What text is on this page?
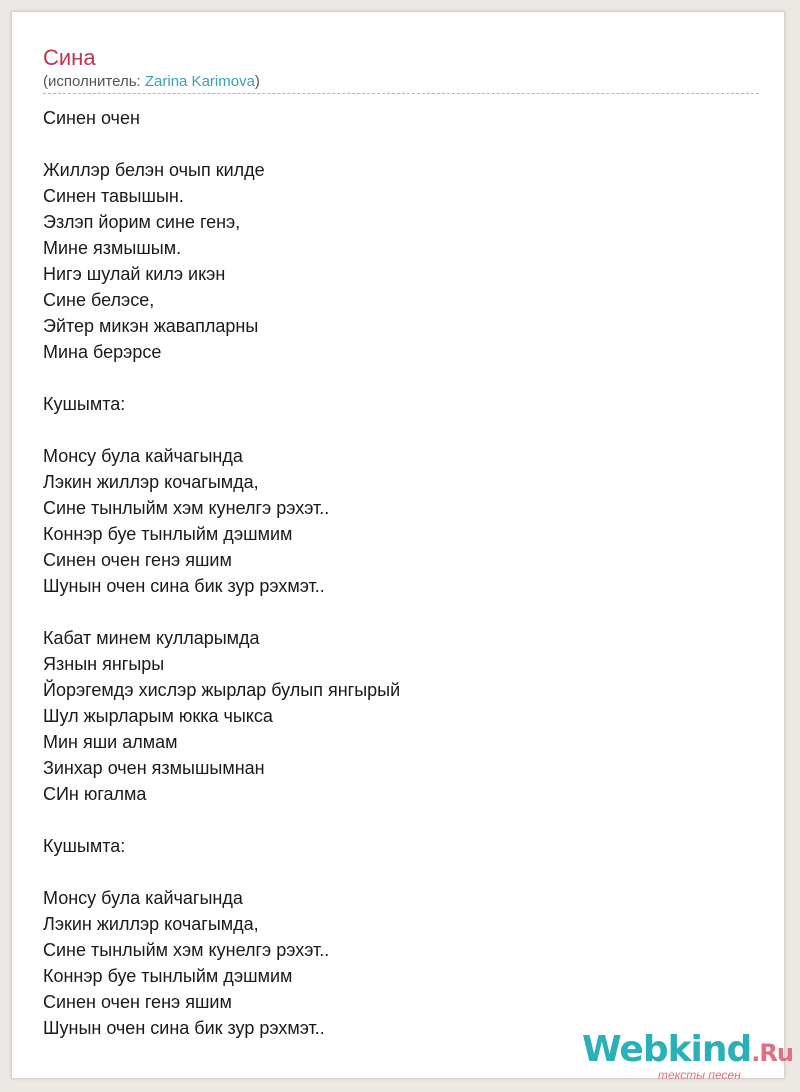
Сина
(исполнитель: Zarina Karimova)
Синен очен
Жиллэр белэн очып килде
Синен тавышын.
Эзлэп йорим сине генэ,
Мине язмышым.
Нигэ шулай килэ икэн
Сине белэсе,
Эйтер микэн жавапларны
Мина берэрсе
Кушымта:
Монсу була кайчагында
Лэкин жиллэр кочагымда,
Сине тынлыйм хэм кунелгэ рэхэт..
Коннэр буе тынлыйм дэшмим
Синен очен генэ яшим
Шунын очен сина бик зур рэхмэт..
Кабат минем кулларымда
Язнын янгыры
Йорэгемдэ хислэр жырлар булып янгырый
Шул жырларым юкка чыкса
Мин яши алмам
Зинхар очен язмышымнан
СИн югалма
Кушымта:
Монсу була кайчагында
Лэкин жиллэр кочагымда,
Сине тынлыйм хэм кунелгэ рэхэт..
Коннэр буе тынлыйм дэшмим
Синен очен генэ яшим
Шунын очен сина бик зур рэхмэт..
Webkind.Ru
тексты песен
